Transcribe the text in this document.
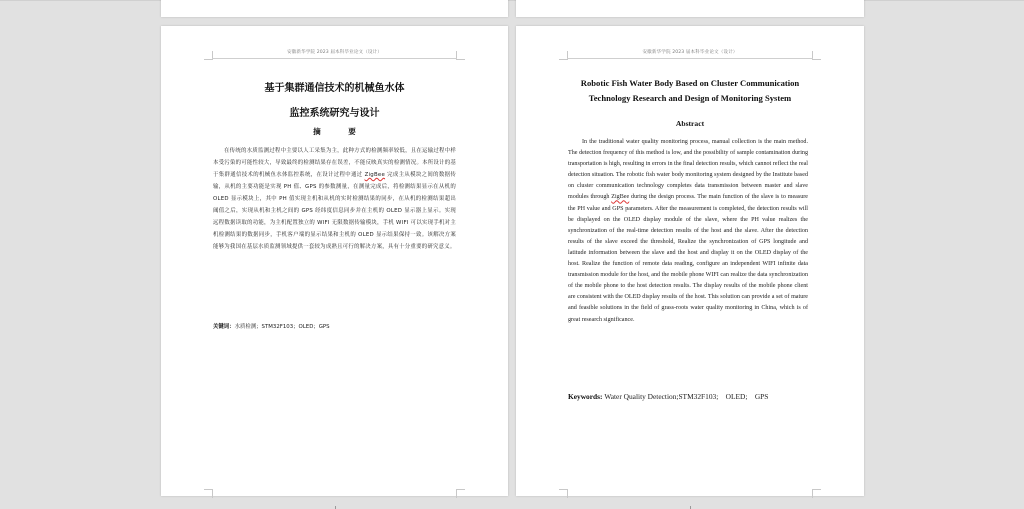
安徽新华学院 2023 届本科毕业论文（设计）
基于集群通信技术的机械鱼水体
监控系统研究与设计
摘　要
在传统的水质监测过程中主要以人工采集为主，此种方式的检测频率较低，且在运输过程中样本受污染的可能性较大，导致最终的检测结果存在误差，不能反映真实的检测情况。本所设计的基于集群通信技术的机械鱼水体监控系统，在设计过程中通过 ZigBee 完成主从模块之间的数据传输，从机的主要功能是实现 PH 值、GPS 的参数测量，在测量完成后，将检测结果显示在从机的 OLED 显示模块上，其中 PH 值实现主机和从机的实时检测结果的同步，在从机的检测结果超出阈值之后，实现从机和主机之间的 GPS 经纬度信息同步并在主机的 OLED 显示器上显示。实现远程数据读取的功能，为主机配置独立的 WIFI 无限数据传输模块，手机 WIFI 可以实现手机对主机检测结果的数据同步，手机客户端的显示结果和主机的 OLED 显示结果保持一致。该解决方案能够为我国在基层水质监测领域提供一套较为成熟且可行的解决方案，具有十分重要的研究意义。
关键词：水质检测；STM32F103；OLED；GPS
安徽新华学院 2023 届本科毕业论文（设计）
Robotic Fish Water Body Based on Cluster Communication
Technology Research and Design of Monitoring System
Abstract
In the traditional water quality monitoring process, manual collection is the main method. The detection frequency of this method is low, and the possibility of sample contamination during transportation is high, resulting in errors in the final detection results, which cannot reflect the real detection situation. The robotic fish water body monitoring system designed by the Institute based on cluster communication technology completes data transmission between master and slave modules through ZigBee during the design process. The main function of the slave is to measure the PH value and GPS parameters. After the measurement is completed, the detection results will be displayed on the OLED display module of the slave, where the PH value realizes the synchronization of the real-time detection results of the host and the slave. After the detection results of the slave exceed the threshold, Realize the synchronization of GPS longitude and latitude information between the slave and the host and display it on the OLED display of the host. Realize the function of remote data reading, configure an independent WIFI infinite data transmission module for the host, and the mobile phone WIFI can realize the data synchronization of the mobile phone to the host detection results. The display results of the mobile phone client are consistent with the OLED display results of the host. This solution can provide a set of mature and feasible solutions in the field of grass-roots water quality monitoring in China, which is of great research significance.
Keywords: Water Quality Detection;STM32F103;　OLED;　GPS
